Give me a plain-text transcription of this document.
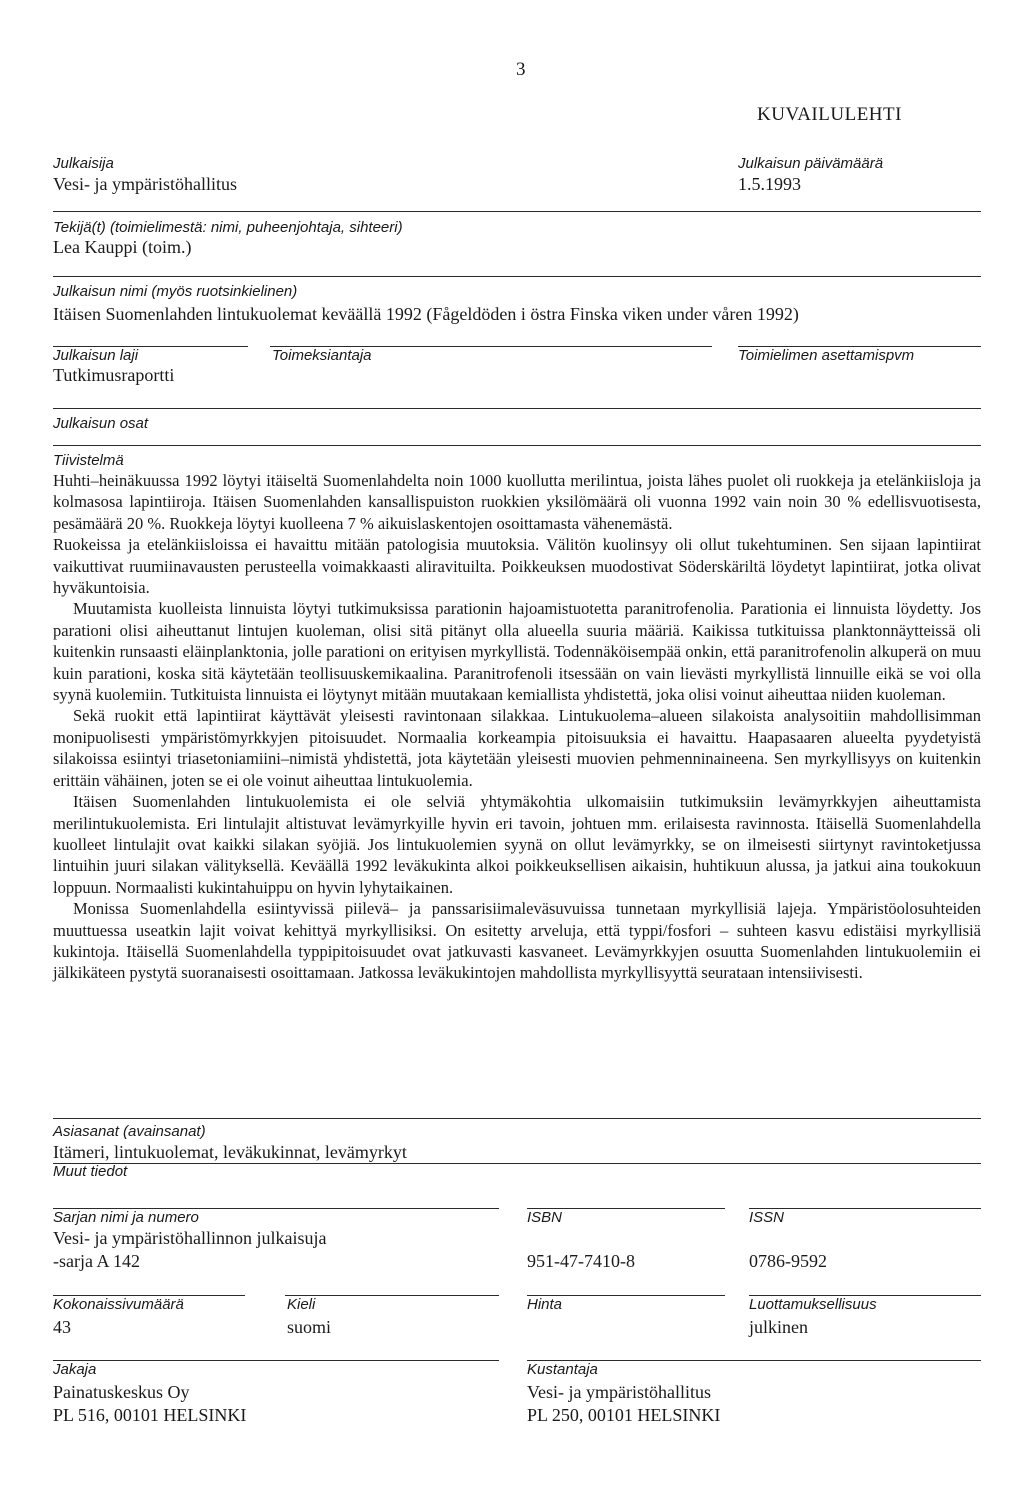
3
KUVAILULEHTI
Julkaisija
Vesi- ja ympäristöhallitus
Julkaisun päivämäärä
1.5.1993
Tekijä(t) (toimielimestä: nimi, puheenjohtaja, sihteeri)
Lea Kauppi (toim.)
Julkaisun nimi (myös ruotsinkielinen)
Itäisen Suomenlahden lintukuolemat keväällä 1992 (Fågeldöden i östra Finska viken under våren 1992)
Julkaisun laji
Tutkimusraportti
Toimeksiantaja	Toimielimen asettamispvm
Julkaisun osat
Tiivistelmä

Huhti–heinäkuussa 1992 löytyi itäiseltä Suomenlahdelta noin 1000 kuollutta merilintua, joista lähes puolet oli ruokkeja ja etelänkiisloja ja kolmasosa lapintiiroja. Itäisen Suomenlahden kansallispuiston ruokkien yksilömäärä oli vuonna 1992 vain noin 30 % edellisvuotisesta, pesämäärä 20 %. Ruokkeja löytyi kuolleena 7 % aikuislaskentojen osoittamasta vähenemästä.

Ruokeissa ja etelänkiisloissa ei havaittu mitään patologisia muutoksia. Välitön kuolinsyy oli ollut tukehtuminen. Sen sijaan lapintiirat vaikuttivat ruumiinavausten perusteella voimakkaasti aliravituilta. Poikkeuksen muodostivat Söderskäriltä löydetyt lapintiirat, jotka olivat hyväkuntoisia.

Muutamista kuolleista linnuista löytyi tutkimuksissa parationin hajoamistuotetta paranitrofenolia. Parationia ei linnuista löydetty. Jos parationi olisi aiheuttanut lintujen kuoleman, olisi sitä pitänyt olla alueella suuria määriä. Kaikissa tutkituissa planktonnäytteissä oli kuitenkin runsaasti eläinplanktonia, jolle parationi on erityisen myrkyllistä. Todennäköisempää onkin, että paranitrofenolin alkuperä on muu kuin parationi, koska sitä käytetään teollisuuskemikaalina. Paranitrofenoli itsessään on vain lievästi myrkyllistä linnuille eikä se voi olla syynä kuolemiin. Tutkituista linnuista ei löytynyt mitään muutakaan kemiallista yhdistettä, joka olisi voinut aiheuttaa niiden kuoleman.

Sekä ruokit että lapintiirat käyttävät yleisesti ravintonaan silakkaa. Lintukuolema–alueen silakoista analysoitiin mahdollisimman monipuolisesti ympäristömyrkkyjen pitoisuudet. Normaalia korkeampia pitoisuuksia ei havaittu. Haapasaaren alueelta pyydetyistä silakoissa esiintyi triasetoniamiini–nimistä yhdistettä, jota käytetään yleisesti muovien pehmenninaineena. Sen myrkyllisyys on kuitenkin erittäin vähäinen, joten se ei ole voinut aiheuttaa lintukuolemia.

Itäisen Suomenlahden lintukuolemista ei ole selviä yhtymäkohtia ulkomaisiin tutkimuksiin levämyrkkyjen aiheuttamista merilintukuolemista. Eri lintulajit altistuvat levämyrkyille hyvin eri tavoin, johtuen mm. erilaisesta ravinnosta. Itäisellä Suomenlahdella kuolleet lintulajit ovat kaikki silakan syöjiä. Jos lintukuolemien syynä on ollut levämyrkky, se on ilmeisesti siirtynyt ravintoketjussa lintuihin juuri silakan välityksellä. Keväällä 1992 leväkukinta alkoi poikkeuksellisen aikaisin, huhtikuun alussa, ja jatkui aina toukokuun loppuun. Normaalisti kukintahuippu on hyvin lyhytaikainen.

Monissa Suomenlahdella esiintyvissä piilevä– ja panssarisiimaleväsuvuissa tunnetaan myrkyllisiä lajeja. Ympäristöolosuhteiden muuttuessa useatkin lajit voivat kehittyä myrkyllisiksi. On esitetty arveluja, että typpi/fosfori – suhteen kasvu edistäisi myrkyllisiä kukintoja. Itäisellä Suomenlahdella typpipitoisuudet ovat jatkuvasti kasvaneet. Levämyrkkyjen osuutta Suomenlahden lintukuolemiin ei jälkikäteen pystytä suoranaisesti osoittamaan. Jatkossa leväkukintojen mahdollista myrkyllisyyttä seurataan intensiivisesti.

Asiasanat (avainsanat)
Itämeri, lintukuolemat, leväkukinnat, levämyrkyt
Muut tiedot
Sarjan nimi ja numero
Vesi- ja ympäristöhallinnon julkaisuja
-sarja A 142
ISBN
951-47-7410-8
ISSN
0786-9592
Kokonaissivumäärä
43
Kieli
suomi
Hinta	Luottamuksellisuus
julkinen
Jakaja
Painatuskeskus Oy
PL 516, 00101 HELSINKI
Kustantaja
Vesi- ja ympäristöhallitus
PL 250, 00101 HELSINKI
